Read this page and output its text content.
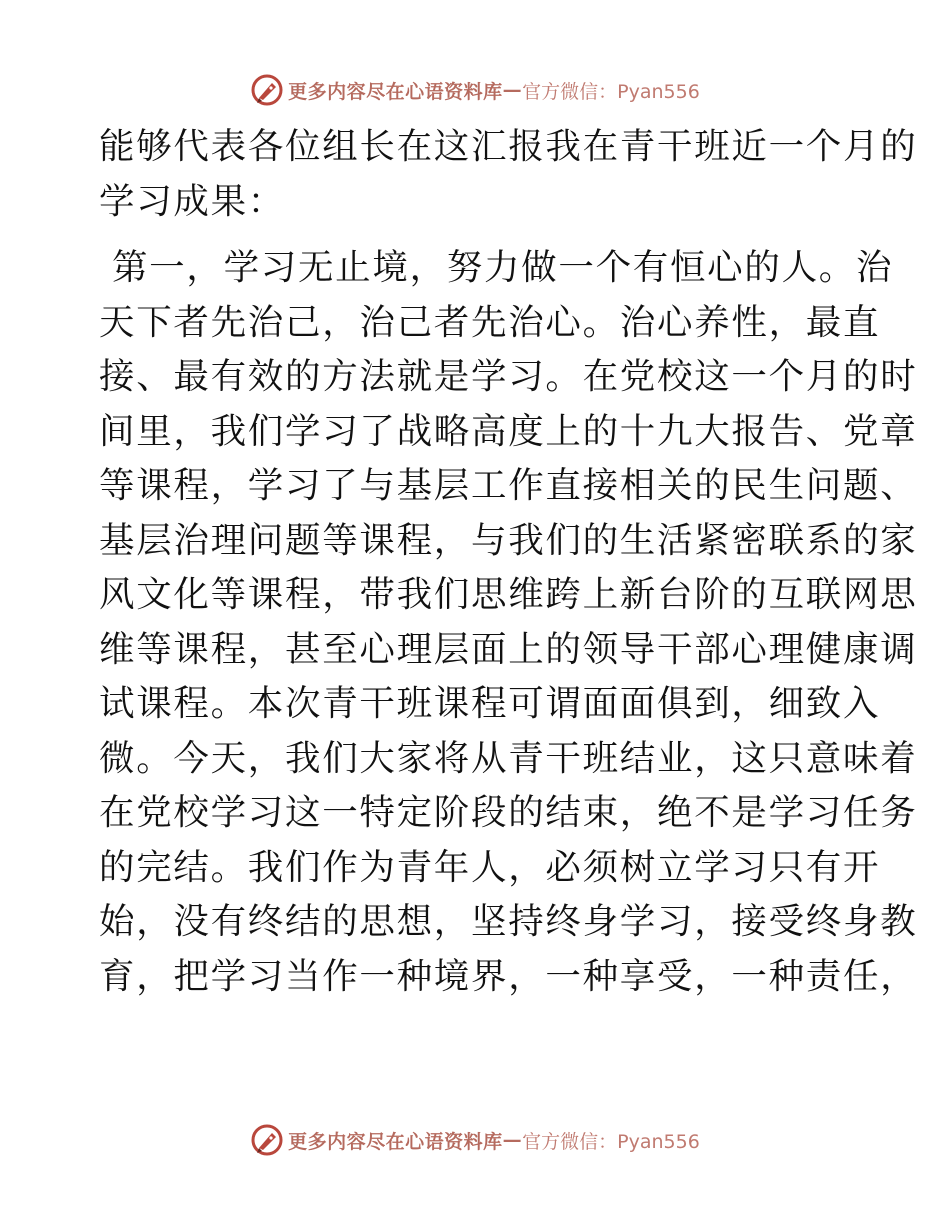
更多内容尽在心语资料库 — 官方微信：Pyan556

能够代表各位组长在这汇报我在青干班近一个月的
学习成果：

第一，学习无止境，努力做一个有恒心的人。治
天下者先治己，治己者先治心。治心养性，最直
接、最有效的方法就是学习。在党校这一个月的时
间里，我们学习了战略高度上的十九大报告、党章
等课程，学习了与基层工作直接相关的民生问题、
基层治理问题等课程，与我们的生活紧密联系的家
风文化等课程，带我们思维跨上新台阶的互联网思
维等课程，甚至心理层面上的领导干部心理健康调
试课程。本次青干班课程可谓面面俱到，细致入
微。今天，我们大家将从青干班结业，这只意味着
在党校学习这一特定阶段的结束，绝不是学习任务
的完结。我们作为青年人，必须树立学习只有开
始，没有终结的思想，坚持终身学习，接受终身教
育，把学习当作一种境界，一种享受，一种责任，

更多内容尽在心语资料库 — 官方微信：Pyan556
